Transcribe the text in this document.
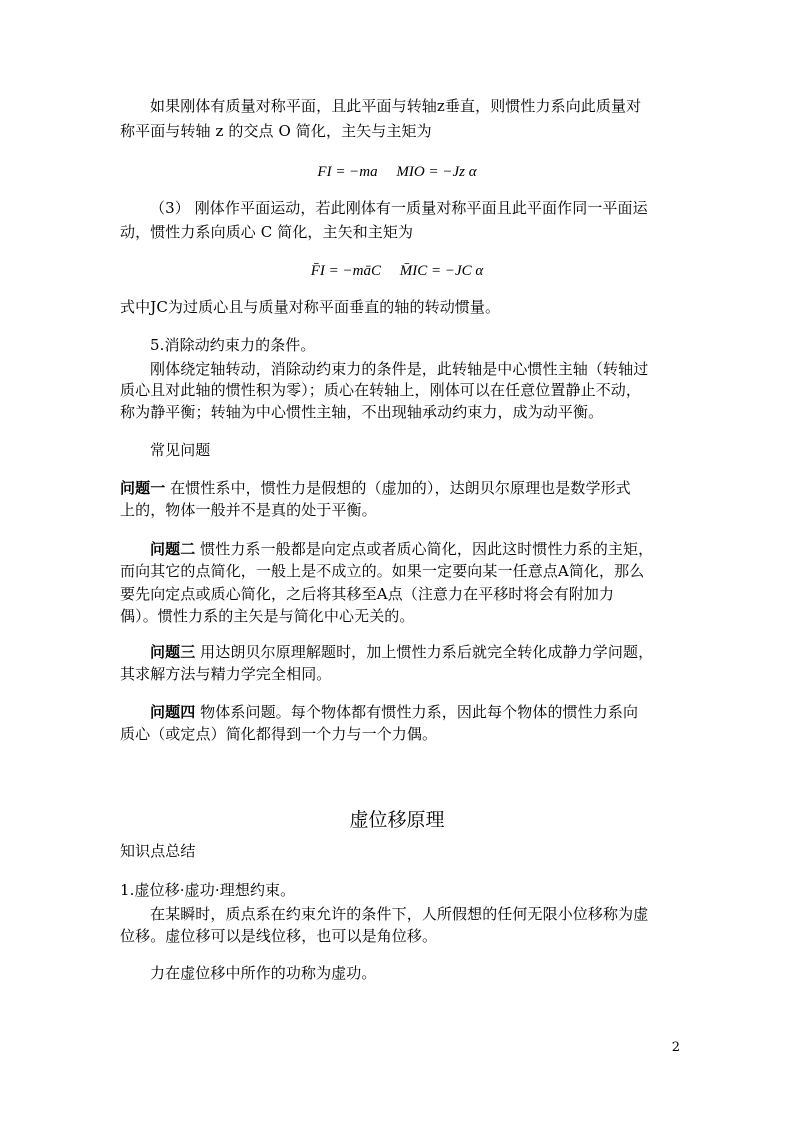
如果刚体有质量对称平面，且此平面与转轴z垂直，则惯性力系向此质量对
称平面与转轴 z 的交点 O 简化，主矢与主矩为
FI = −ma     MIO = −Jz α
（3） 刚体作平面运动，若此刚体有一质量对称平面且此平面作同一平面运
动，惯性力系向质心 C 简化，主矢和主矩为
F̄I = −māC     M̄IC = −JC α
式中JC为过质心且与质量对称平面垂直的轴的转动惯量。
5.消除动约束力的条件。
刚体绕定轴转动，消除动约束力的条件是，此转轴是中心惯性主轴（转轴过
质心且对此轴的惯性积为零）；质心在转轴上，刚体可以在任意位置静止不动，
称为静平衡；转轴为中心惯性主轴，不出现轴承动约束力，成为动平衡。
常见问题
问题一 在惯性系中，惯性力是假想的（虚加的），达朗贝尔原理也是数学形式
上的，物体一般并不是真的处于平衡。
问题二 惯性力系一般都是向定点或者质心简化，因此这时惯性力系的主矩，
而向其它的点简化，一般上是不成立的。如果一定要向某一任意点A简化，那么
要先向定点或质心简化，之后将其移至A点（注意力在平移时将会有附加力
偶）。惯性力系的主矢是与简化中心无关的。
问题三 用达朗贝尔原理解题时，加上惯性力系后就完全转化成静力学问题，
其求解方法与精力学完全相同。
问题四 物体系问题。每个物体都有惯性力系，因此每个物体的惯性力系向
质心（或定点）简化都得到一个力与一个力偶。
虚位移原理
知识点总结
1.虚位移·虚功·理想约束。
在某瞬时，质点系在约束允许的条件下，人所假想的任何无限小位移称为虚
位移。虚位移可以是线位移，也可以是角位移。
力在虚位移中所作的功称为虚功。
2
